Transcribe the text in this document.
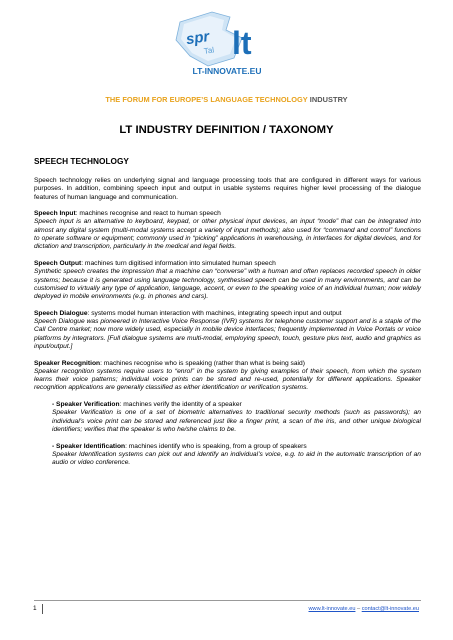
spr
Tal lt
LT-INNOVATE.EU
THE FORUM FOR EUROPE’S LANGUAGE TECHNOLOGY INDUSTRY
LT INDUSTRY DEFINITION / TAXONOMY
SPEECH TECHNOLOGY

Speech technology relies on underlying signal and language processing tools that are configured in different ways for various purposes. In addition, combining speech input and output in usable systems requires higher level processing of the dialogue features of human language and communication.

Speech Input: machines recognise and react to human speech
Speech input is an alternative to keyboard, keypad, or other physical input devices, an input “mode” that can be integrated into almost any digital system (multi-modal systems accept a variety of input methods); also used for “command and control” functions to operate software or equipment; commonly used in “picking” applications in warehousing, in interfaces for digital devices, and for dictation and transcription, particularly in the medical and legal fields.

Speech Output: machines turn digitised information into simulated human speech
Synthetic speech creates the impression that a machine can “converse” with a human and often replaces recorded speech in older systems; because it is generated using language technology, synthesised speech can be used in many environments, and can be customised to virtually any type of application, language, accent, or even to the speaking voice of an individual human; now widely deployed in mobile environments (e.g. in phones and cars).

Speech Dialogue: systems model human interaction with machines, integrating speech input and output
Speech Dialogue was pioneered in Interactive Voice Response (IVR) systems for telephone customer support and is a staple of the Call Centre market; now more widely used, especially in mobile device interfaces; frequently implemented in Voice Portals or voice platforms by integrators. [Full dialogue systems are multi-modal, employing speech, touch, gesture plus text, audio and graphics as input/output.]

Speaker Recognition: machines recognise who is speaking (rather than what is being said)
Speaker recognition systems require users to “enrol” in the system by giving examples of their speech, from which the system learns their voice patterns; individual voice prints can be stored and re-used, potentially for different applications. Speaker recognition applications are generally classified as either identification or verification systems.

- Speaker Verification: machines verify the identity of a speaker
Speaker Verification is one of a set of biometric alternatives to traditional security methods (such as passwords); an individual’s voice print can be stored and referenced just like a finger print, a scan of the iris, and other unique biological identifiers; verifies that the speaker is who he/she claims to be.

- Speaker Identification: machines identify who is speaking, from a group of speakers
Speaker Identification systems can pick out and identify an individual’s voice, e.g. to aid in the automatic transcription of an audio or video conference.

1	www.lt-innovate.eu – contact@lt-innovate.eu
